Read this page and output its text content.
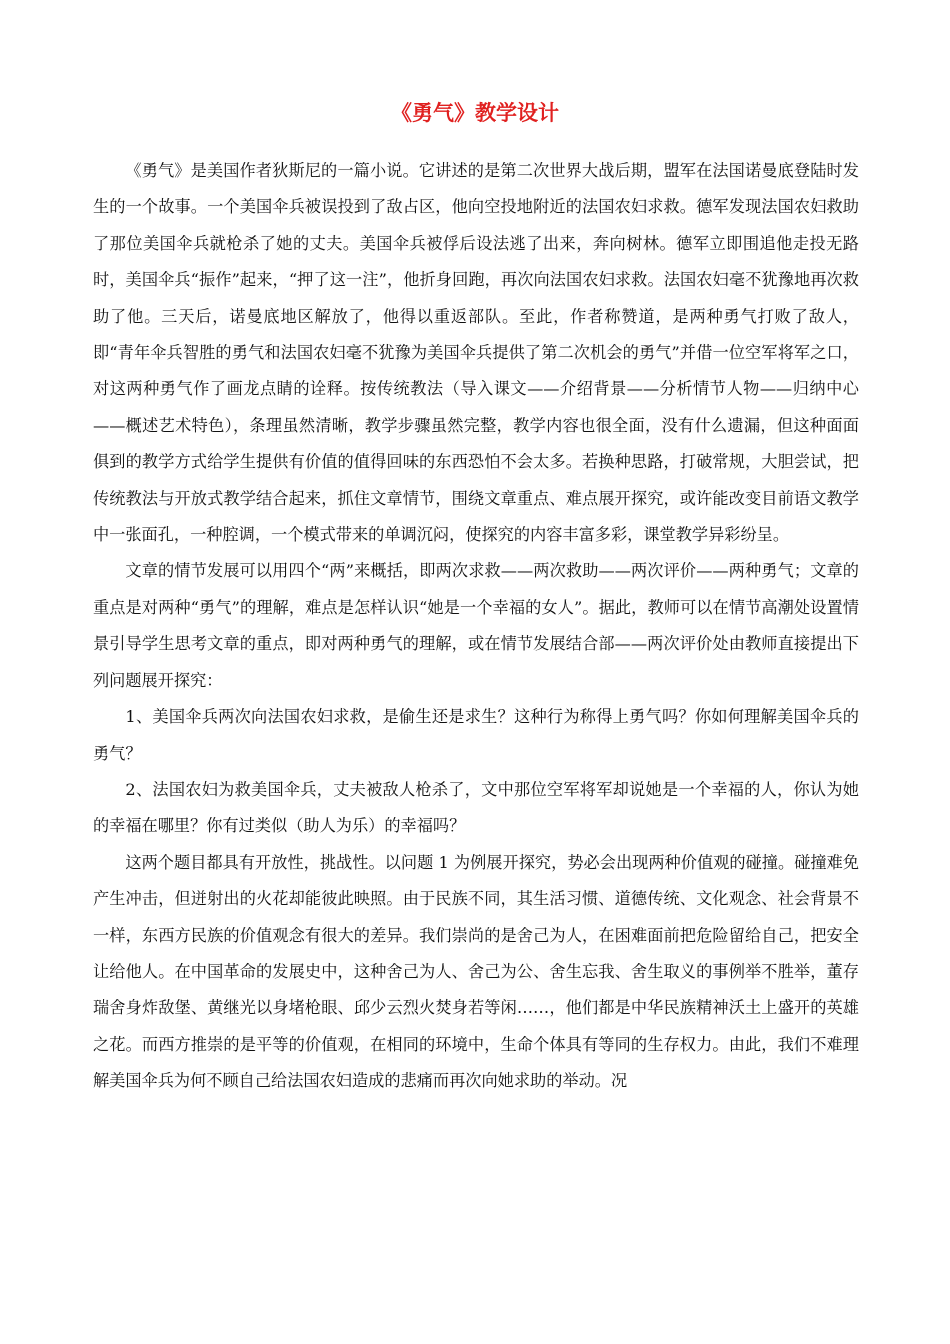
《勇气》教学设计

《勇气》是美国作者狄斯尼的一篇小说。它讲述的是第二次世界大战后期，盟军在法国诺曼底登陆时发生的一个故事。一个美国伞兵被误投到了敌占区，他向空投地附近的法国农妇求救。德军发现法国农妇救助了那位美国伞兵就枪杀了她的丈夫。美国伞兵被俘后设法逃了出来，奔向树林。德军立即围追他走投无路时，美国伞兵“振作”起来，“押了这一注”，他折身回跑，再次向法国农妇求救。法国农妇毫不犹豫地再次救助了他。三天后，诺曼底地区解放了，他得以重返部队。至此，作者称赞道，是两种勇气打败了敌人，即“青年伞兵智胜的勇气和法国农妇毫不犹豫为美国伞兵提供了第二次机会的勇气”并借一位空军将军之口，对这两种勇气作了画龙点睛的诠释。按传统教法（导入课文——介绍背景——分析情节人物——归纳中心——概述艺术特色），条理虽然清晰，教学步骤虽然完整，教学内容也很全面，没有什么遗漏，但这种面面俱到的教学方式给学生提供有价值的值得回味的东西恐怕不会太多。若换种思路，打破常规，大胆尝试，把传统教法与开放式教学结合起来，抓住文章情节，围绕文章重点、难点展开探究，或许能改变目前语文教学中一张面孔，一种腔调，一个模式带来的单调沉闷，使探究的内容丰富多彩，课堂教学异彩纷呈。

文章的情节发展可以用四个“两”来概括，即两次求救——两次救助——两次评价——两种勇气；文章的重点是对两种“勇气”的理解，难点是怎样认识“她是一个幸福的女人”。据此，教师可以在情节高潮处设置情景引导学生思考文章的重点，即对两种勇气的理解，或在情节发展结合部——两次评价处由教师直接提出下列问题展开探究：

1、美国伞兵两次向法国农妇求救，是偷生还是求生？这种行为称得上勇气吗？你如何理解美国伞兵的勇气？

2、法国农妇为救美国伞兵，丈夫被敌人枪杀了，文中那位空军将军却说她是一个幸福的人，你认为她的幸福在哪里？你有过类似（助人为乐）的幸福吗？

这两个题目都具有开放性，挑战性。以问题 1 为例展开探究，势必会出现两种价值观的碰撞。碰撞难免产生冲击，但迸射出的火花却能彼此映照。由于民族不同，其生活习惯、道德传统、文化观念、社会背景不一样，东西方民族的价值观念有很大的差异。我们崇尚的是舍己为人，在困难面前把危险留给自己，把安全让给他人。在中国革命的发展史中，这种舍己为人、舍己为公、舍生忘我、舍生取义的事例举不胜举，董存瑞舍身炸敌堡、黄继光以身堵枪眼、邱少云烈火焚身若等闲……，他们都是中华民族精神沃土上盛开的英雄之花。而西方推崇的是平等的价值观，在相同的环境中，生命个体具有等同的生存权力。由此，我们不难理解美国伞兵为何不顾自己给法国农妇造成的悲痛而再次向她求助的举动。况
